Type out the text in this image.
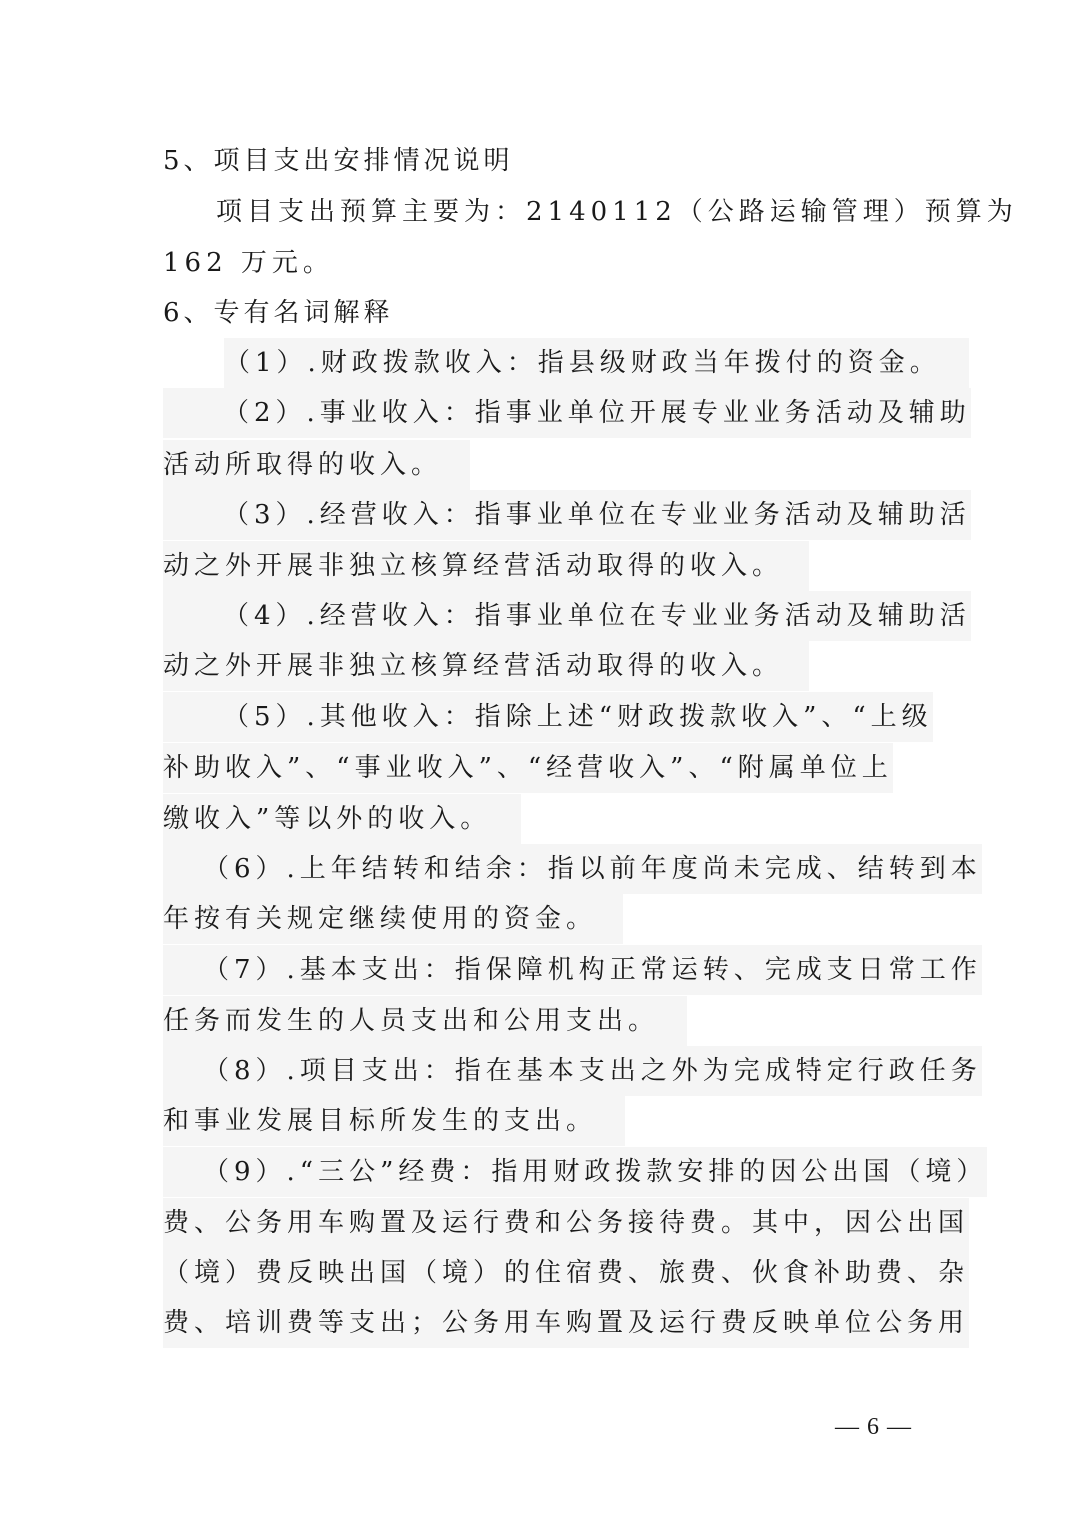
5、项目支出安排情况说明
项目支出预算主要为：2140112（公路运输管理）预算为
162 万元。
6、专有名词解释
（1）.财政拨款收入：指县级财政当年拨付的资金。
（2）.事业收入：指事业单位开展专业业务活动及辅助
活动所取得的收入。
（3）.经营收入：指事业单位在专业业务活动及辅助活
动之外开展非独立核算经营活动取得的收入。
（4）.经营收入：指事业单位在专业业务活动及辅助活
动之外开展非独立核算经营活动取得的收入。
（5）.其他收入：指除上述“财政拨款收入”、“上级
补助收入”、“事业收入”、“经营收入”、“附属单位上
缴收入”等以外的收入。
（6）.上年结转和结余：指以前年度尚未完成、结转到本
年按有关规定继续使用的资金。
（7）.基本支出：指保障机构正常运转、完成支日常工作
任务而发生的人员支出和公用支出。
（8）.项目支出：指在基本支出之外为完成特定行政任务
和事业发展目标所发生的支出。
（9）.“三公”经费：指用财政拨款安排的因公出国（境）
费、公务用车购置及运行费和公务接待费。其中，因公出国
（境）费反映出国（境）的住宿费、旅费、伙食补助费、杂
费、培训费等支出；公务用车购置及运行费反映单位公务用
— 6 —
